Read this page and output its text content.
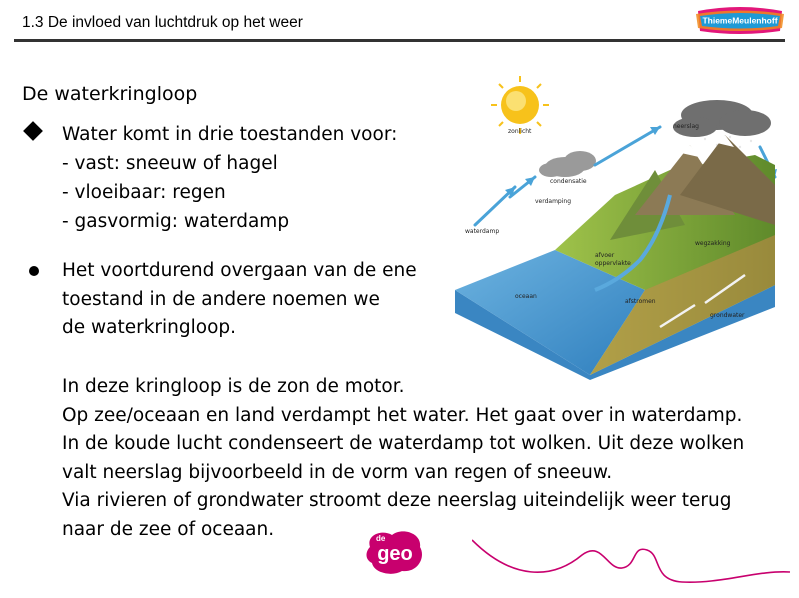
1.3 De invloed van luchtdruk op het weer	ThiemeMeulenhoff
De waterkringloop
Water komt in drie toestanden voor:
- vast: sneeuw of hagel
- vloeibaar: regen
- gasvormig: waterdamp
Het voortdurend overgaan van de ene
toestand in de andere noemen we
de waterkringloop.
zonlicht
neerslag
condensatie
verdamping
waterdamp
afvoer
oppervlakte
oceaan
afstromen
wegzakking
grondwater
In deze kringloop is de zon de motor.
Op zee/oceaan en land verdampt het water. Het gaat over in waterdamp.
In de koude lucht condenseert de waterdamp tot wolken. Uit deze wolken
valt neerslag bijvoorbeeld in de vorm van regen of sneeuw.
Via rivieren of grondwater stroomt deze neerslag uiteindelijk weer terug
naar de zee of oceaan.	de
geo
